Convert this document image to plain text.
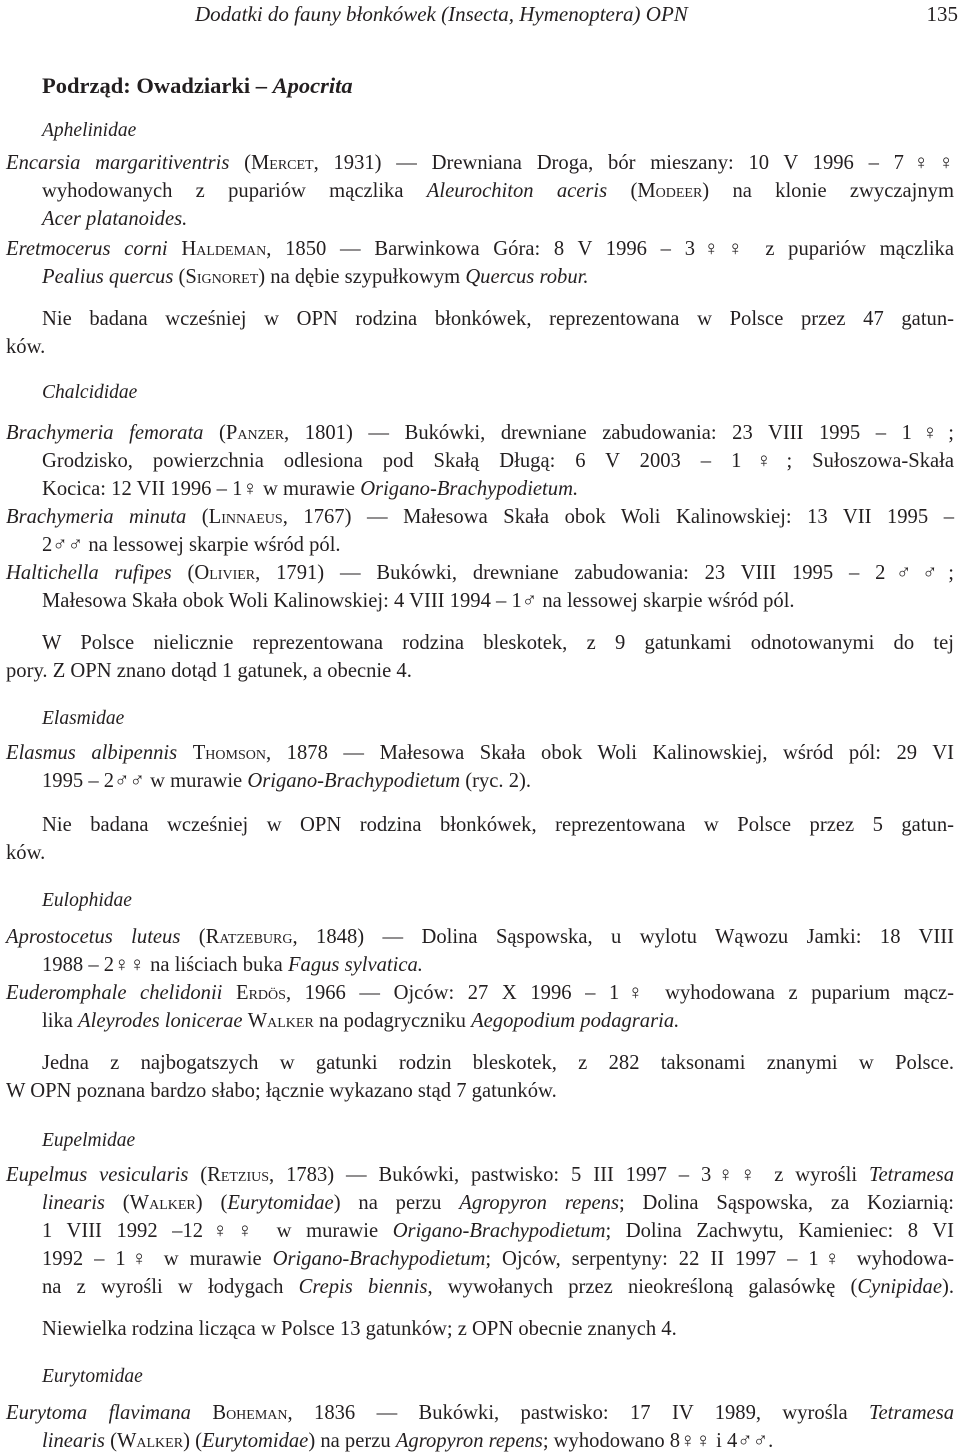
Dodatki do fauny błonkówek (Insecta, Hymenoptera) OPN	135
Podrząd: Owadziarki – Apocrita
Aphelinidae
Encarsia margaritiventris (Mercet, 1931) — Drewniana Droga, bór mieszany: 10 V 1996 – 7♀♀
wyhodowanych z pupariów mączlika Aleurochiton aceris (Modeer) na klonie zwyczajnym
Acer platanoides.
Eretmocerus corni Haldeman, 1850 — Barwinkowa Góra: 8 V 1996 – 3♀♀ z pupariów mączlika
Pealius quercus (Signoret) na dębie szypułkowym Quercus robur.
Nie badana wcześniej w OPN rodzina błonkówek, reprezentowana w Polsce przez 47 gatun-
ków.
Chalcididae
Brachymeria femorata (Panzer, 1801) — Bukówki, drewniane zabudowania: 23 VIII 1995 – 1♀;
Grodzisko, powierzchnia odlesiona pod Skałą Długą: 6 V 2003 – 1♀; Sułoszowa-Skała
Kocica: 12 VII 1996 – 1♀ w murawie Origano-Brachypodietum.
Brachymeria minuta (Linnaeus, 1767) — Małesowa Skała obok Woli Kalinowskiej: 13 VII 1995 –
2♂♂ na lessowej skarpie wśród pól.
Haltichella rufipes (Olivier, 1791) — Bukówki, drewniane zabudowania: 23 VIII 1995 – 2♂♂;
Małesowa Skała obok Woli Kalinowskiej: 4 VIII 1994 – 1♂ na lessowej skarpie wśród pól.
W Polsce nielicznie reprezentowana rodzina bleskotek, z 9 gatunkami odnotowanymi do tej
pory. Z OPN znano dotąd 1 gatunek, a obecnie 4.
Elasmidae
Elasmus albipennis Thomson, 1878 — Małesowa Skała obok Woli Kalinowskiej, wśród pól: 29 VI
1995 – 2♂♂ w murawie Origano-Brachypodietum (ryc. 2).
Nie badana wcześniej w OPN rodzina błonkówek, reprezentowana w Polsce przez 5 gatun-
ków.
Eulophidae
Aprostocetus luteus (Ratzeburg, 1848) — Dolina Sąspowska, u wylotu Wąwozu Jamki: 18 VIII
1988 – 2♀♀ na liściach buka Fagus sylvatica.
Euderomphale chelidonii Erdös, 1966 — Ojców: 27 X 1996 – 1♀ wyhodowana z puparium mącz-
lika Aleyrodes lonicerae Walker na podagryczniku Aegopodium podagraria.
Jedna z najbogatszych w gatunki rodzin bleskotek, z 282 taksonami znanymi w Polsce.
W OPN poznana bardzo słabo; łącznie wykazano stąd 7 gatunków.
Eupelmidae
Eupelmus vesicularis (Retzius, 1783) — Bukówki, pastwisko: 5 III 1997 – 3♀♀ z wyrośli Tetramesa
linearis (Walker) (Eurytomidae) na perzu Agropyron repens; Dolina Sąspowska, za Koziarnią:
1 VIII 1992 –12♀♀ w murawie Origano-Brachypodietum; Dolina Zachwytu, Kamieniec: 8 VI
1992 – 1♀ w murawie Origano-Brachypodietum; Ojców, serpentyny: 22 II 1997 – 1♀ wyhodowa-
na z wyrośli w łodygach Crepis biennis, wywołanych przez nieokreśloną galasówkę (Cynipidae).
Niewielka rodzina licząca w Polsce 13 gatunków; z OPN obecnie znanych 4.
Eurytomidae
Eurytoma flavimana Boheman, 1836 — Bukówki, pastwisko: 17 IV 1989, wyrośla Tetramesa
linearis (Walker) (Eurytomidae) na perzu Agropyron repens; wyhodowano 8♀♀ i 4♂♂.
